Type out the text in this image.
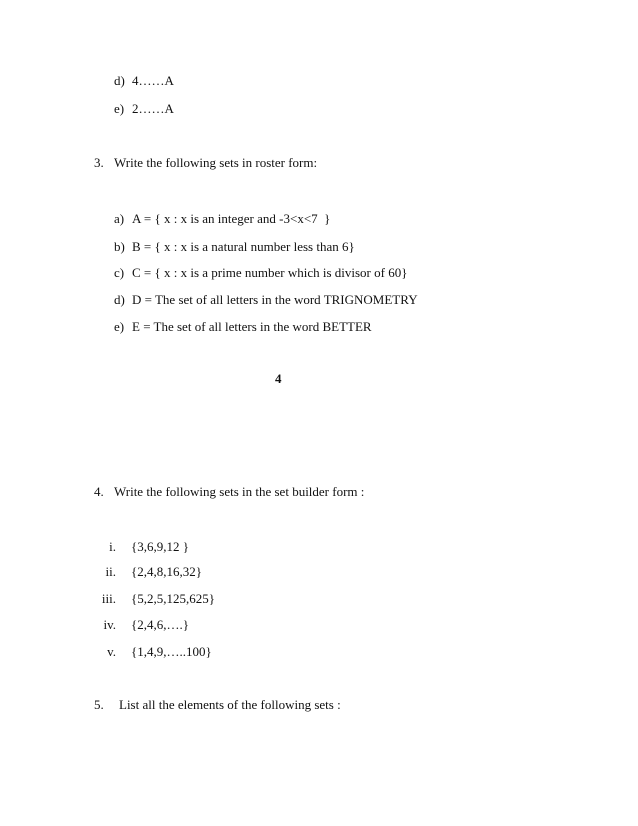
d) 4……A
e) 2……A
3. Write the following sets in roster form:
a) A = { x : x is an integer and -3<x<7  }
b) B = { x : x is a natural number less than 6}
c) C = { x : x is a prime number which is divisor of 60}
d) D = The set of all letters in the word TRIGNOMETRY
e) E = The set of all letters in the word BETTER
4
4. Write the following sets in the set builder form :
i. {3,6,9,12 }
ii. {2,4,8,16,32}
iii. {5,2,5,125,625}
iv. {2,4,6,….}
v. {1,4,9,…..100}
5. List all the elements of the following sets :
